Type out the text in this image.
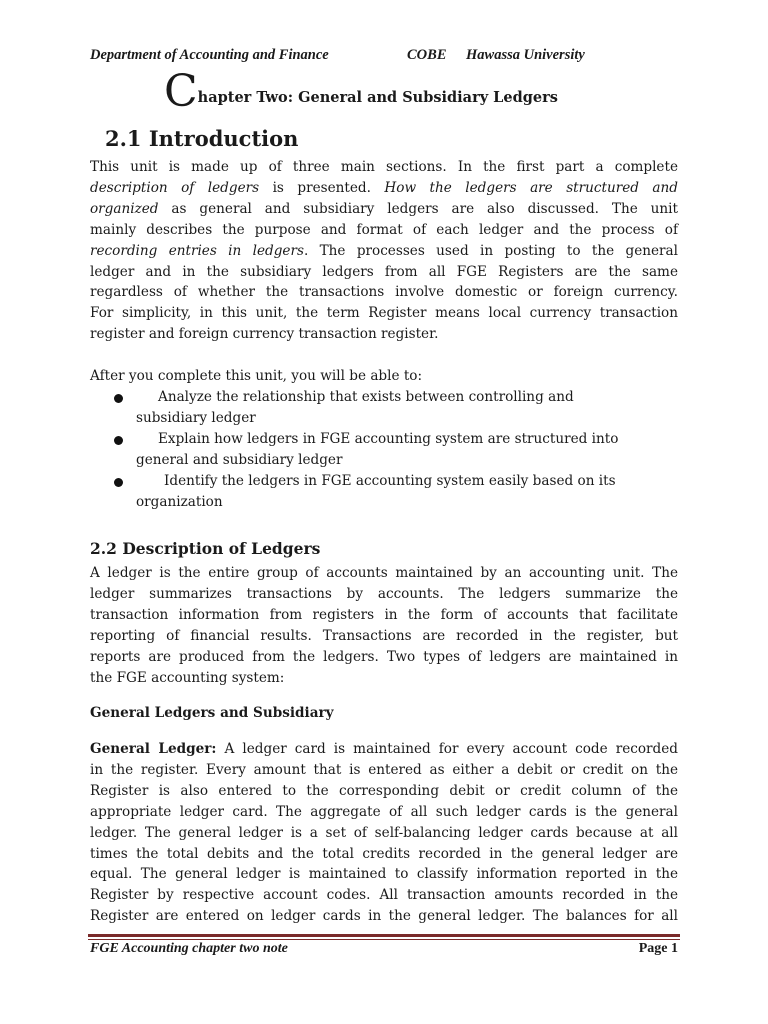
Department of Accounting and Finance	COBE Hawassa University
Chapter Two: General and Subsidiary Ledgers
2.1 Introduction

This unit is made up of three main sections. In the first part a complete
description of ledgers is presented. How the ledgers are structured and
organized as general and subsidiary ledgers are also discussed. The unit
mainly describes the purpose and format of each ledger and the process of
recording entries in ledgers. The processes used in posting to the general
ledger and in the subsidiary ledgers from all FGE Registers are the same
regardless of whether the transactions involve domestic or foreign currency.
For simplicity, in this unit, the term Register means local currency transaction
register and foreign currency transaction register.

After you complete this unit, you will be able to:

Analyze the relationship that exists between controlling and subsidiary ledger
Explain how ledgers in FGE accounting system are structured into general and subsidiary ledger
Identify the ledgers in FGE accounting system easily based on its organization
2.2 Description of Ledgers

A ledger is the entire group of accounts maintained by an accounting unit. The
ledger summarizes transactions by accounts. The ledgers summarize the
transaction information from registers in the form of accounts that facilitate
reporting of financial results. Transactions are recorded in the register, but
reports are produced from the ledgers. Two types of ledgers are maintained in
the FGE accounting system:

General Ledgers and Subsidiary

General Ledger: A ledger card is maintained for every account code recorded
in the register. Every amount that is entered as either a debit or credit on the
Register is also entered to the corresponding debit or credit column of the
appropriate ledger card. The aggregate of all such ledger cards is the general
ledger. The general ledger is a set of self-balancing ledger cards because at all
times the total debits and the total credits recorded in the general ledger are
equal. The general ledger is maintained to classify information reported in the
Register by respective account codes. All transaction amounts recorded in the
Register are entered on ledger cards in the general ledger. The balances for all

FGE Accounting chapter two note	Page 1
